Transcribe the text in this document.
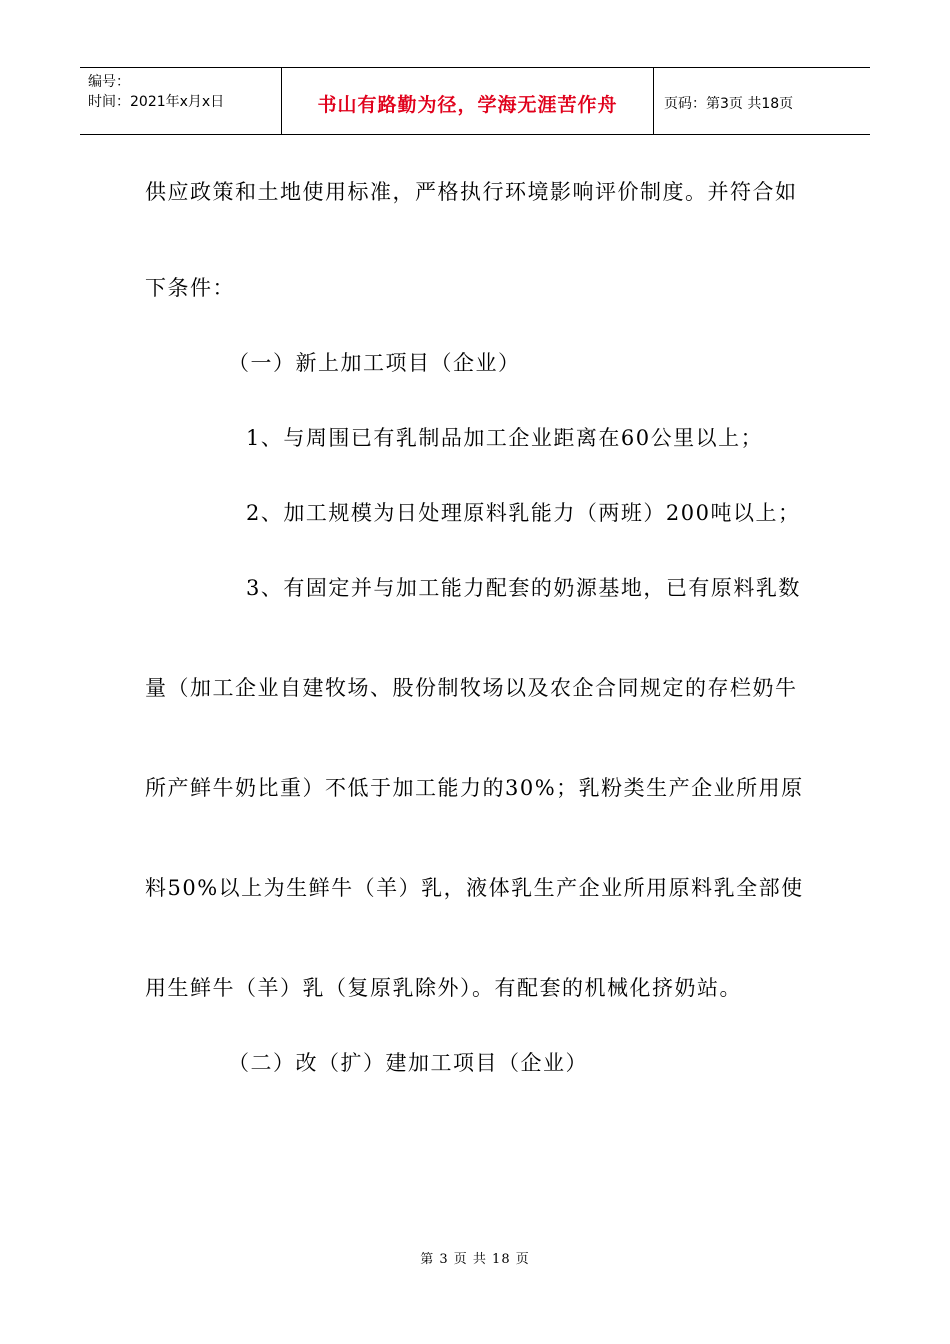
编号：
时间：2021年x月x日	书山有路勤为径，学海无涯苦作舟	页码：第3页 共18页
供应政策和土地使用标准，严格执行环境影响评价制度。并符合如
下条件：
（一）新上加工项目（企业）
1、与周围已有乳制品加工企业距离在60公里以上；
2、加工规模为日处理原料乳能力（两班）200吨以上；
3、有固定并与加工能力配套的奶源基地，已有原料乳数
量（加工企业自建牧场、股份制牧场以及农企合同规定的存栏奶牛
所产鲜牛奶比重）不低于加工能力的30%；乳粉类生产企业所用原
料50%以上为生鲜牛（羊）乳，液体乳生产企业所用原料乳全部使
用生鲜牛（羊）乳（复原乳除外）。有配套的机械化挤奶站。
（二）改（扩）建加工项目（企业）
第 3 页 共 18 页
